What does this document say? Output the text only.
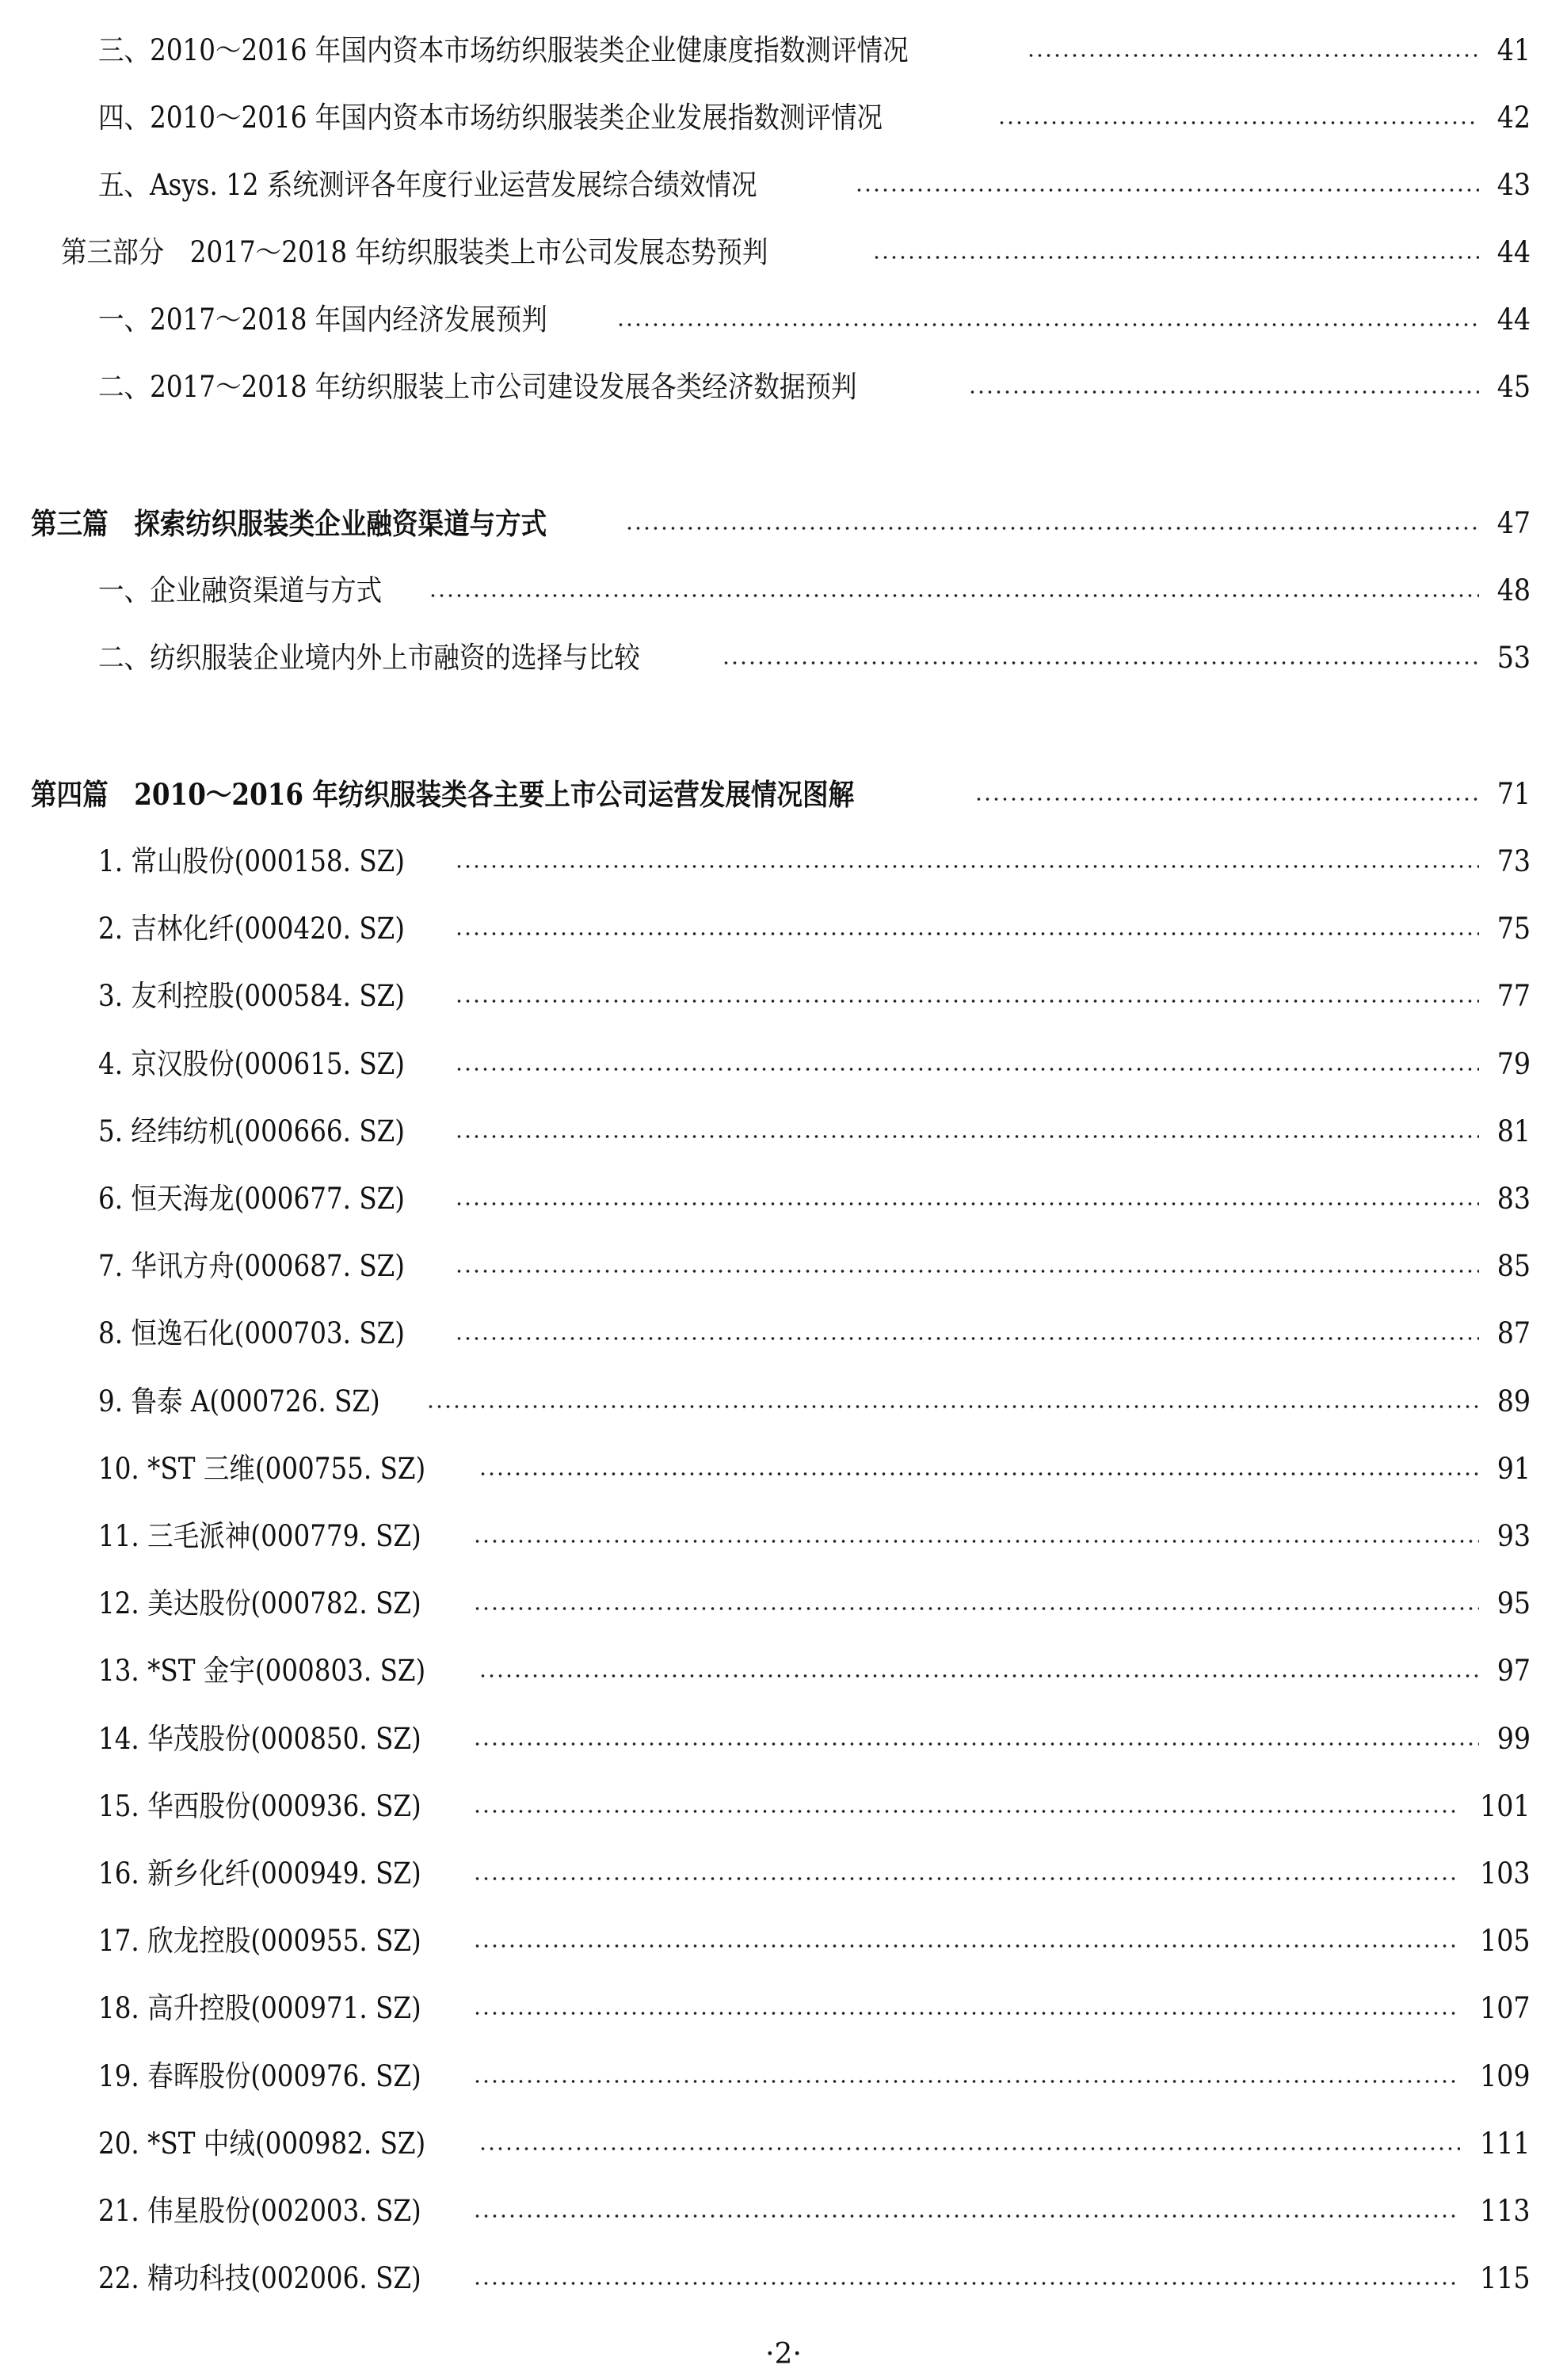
三、2010～2016 年国内资本市场纺织服装类企业健康度指数测评情况	41
四、2010～2016 年国内资本市场纺织服装类企业发展指数测评情况	42
五、Asys. 12 系统测评各年度行业运营发展综合绩效情况	43
第三部分　2017～2018 年纺织服装类上市公司发展态势预判	44
一、2017～2018 年国内经济发展预判	44
二、2017～2018 年纺织服装上市公司建设发展各类经济数据预判	45
第三篇　探索纺织服装类企业融资渠道与方式	47
一、企业融资渠道与方式	48
二、纺织服装企业境内外上市融资的选择与比较	53
第四篇　2010～2016 年纺织服装类各主要上市公司运营发展情况图解	71
1. 常山股份(000158. SZ)	73
2. 吉林化纤(000420. SZ)	75
3. 友利控股(000584. SZ)	77
4. 京汉股份(000615. SZ)	79
5. 经纬纺机(000666. SZ)	81
6. 恒天海龙(000677. SZ)	83
7. 华讯方舟(000687. SZ)	85
8. 恒逸石化(000703. SZ)	87
9. 鲁泰 A(000726. SZ)	89
10. *ST 三维(000755. SZ)	91
11. 三毛派神(000779. SZ)	93
12. 美达股份(000782. SZ)	95
13. *ST 金宇(000803. SZ)	97
14. 华茂股份(000850. SZ)	99
15. 华西股份(000936. SZ)	101
16. 新乡化纤(000949. SZ)	103
17. 欣龙控股(000955. SZ)	105
18. 高升控股(000971. SZ)	107
19. 春晖股份(000976. SZ)	109
20. *ST 中绒(000982. SZ)	111
21. 伟星股份(002003. SZ)	113
22. 精功科技(002006. SZ)	115
·2·
